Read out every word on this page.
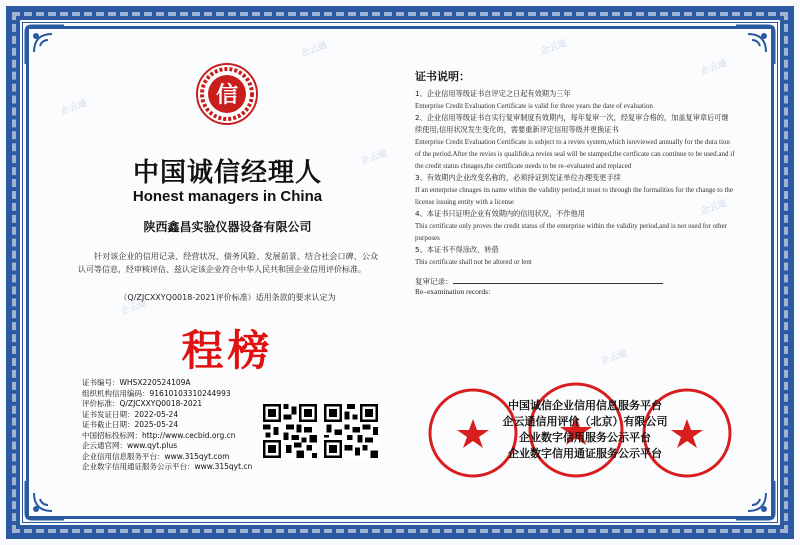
企云通	企云通
企云通
企云通
企云通
企云通
企云通
企云通
信
中国诚信经理人
Honest managers in China
陕西鑫昌实验仪器设备有限公司
针对该企业的信用记录、经营状况、债务风险、发展前景、结合社会口碑、公众认可等信息，经审核评估、兹认定该企业符合中华人民共和国企业信用评价标准。
（Q/ZJCXXYQ0018-2021评价标准）适用条款的要求认定为
程榜
证书编号：WHSX220524109A
组织机构信用编码：91610103310244993
评价标准：Q/ZJCXXYQ0018-2021
证书发证日期：2022-05-24
证书截止日期：2025-05-24
中国招标投标网：http://www.cecbid.org.cn
企云通官网：www.qyt.plus
企业信用信息服务平台：www.315qyt.com
企业数字信用通证服务公示平台：www.315qyt.cn
证书说明：
1、企业信用等级证书自评定之日起有效期为三年
Enterprise Credit Evaluation Certificate is valid for three years the date of evaluation
2、企业信用等级证书自实行复审制度有效期内，每年复审一次，经复审合格的，加盖复审章后可继续使用;信用状况发生变化的，需要重新评定信用等级并更换证书
Enterprise Credit Evaluation Certificate is subject to a revies system,which isreviewed annually for the dura tion of the period.After the revies is qualifide,a revies seal will be stamped,the certficate can continue to be used.and if the credit status chnages,the certificate needs to be re–evaluated and replaced
3、有效期内企业改变名称的，必须持证到发证单位办理变更手续
If an enterprise chnages its name within the validity period,it must to through the formalities for the change to the license issuing entity with a license
4、本证书只证明企业有效期内的信用状况，不作他用
This certificate only proves the credit status of the enterprise within the validity period,and is not used for other purposes
5、本证书不得涂改、转借
This certificate shall not be altered or lent
复审记录：
Re–examination records:
中国诚信企业信用信息服务平台
企云通信用评价（北京）有限公司
企业数字信用服务公示平台
企业数字信用通证服务公示平台
